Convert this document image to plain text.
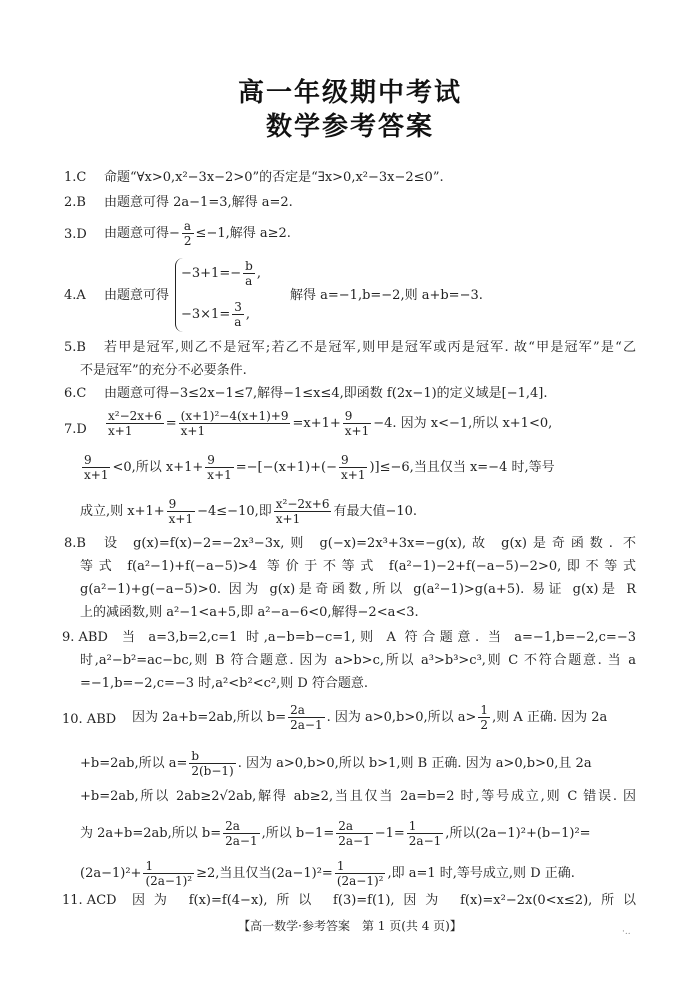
高一年级期中考试
数学参考答案
1.C 命题“∀x>0,x²−3x−2>0”的否定是“∃x>0,x²−3x−2≤0”.
2.B 由题意可得 2a−1=3,解得 a=2.
3.D 由题意可得− $\frac{a}{2} \le-1$,解得 a≥2.
4.A 由题意可得
$-3+1=- \frac{b}{a}$ ,
$-3\times 1= \frac{3}{a}$ ,
解得 a=−1,b=−2,则 a+b=−3.
5.B 若甲是冠军,则乙不是冠军;若乙不是冠军,则甲是冠军或丙是冠军. 故“甲是冠军”是“乙
不是冠军”的充分不必要条件.
6.C 由题意可得−3≤2x−1≤7,解得−1≤x≤4,即函数 f(2x−1)的定义域是[−1,4].
$7.D \frac{\text{x²−2x+6}}{x+1} = \frac{\text{(x+1)²−4(x+1)+9}}{x+1} =x+1+ \frac{9}{x+1} -4$. 因为 x<−1,所以 x+1<0,
$\frac{9}{x+1} <0$,所以 $x+1+ \frac{9}{x+1} =-[-(x+1)+(- \frac{9}{x+1} )]\le-6$,当且仅当 x=−4 时,等号
成立,则 $x+1+ \frac{9}{x+1} -4\le-10$,即 $\frac{\text{x²−2x+6}}{x+1}$ 有最大值−10.
8.B 设 g(x)=f(x)−2=−2x³−3x,则 g(−x)=2x³+3x=−g(x),故 g(x)是奇函数. 不
等式 f(a²−1)+f(−a−5)>4 等价于不等式 f(a²−1)−2+f(−a−5)−2>0,即不等式
g(a²−1)+g(−a−5)>0. 因为 g(x)是奇函数,所以 g(a²−1)>g(a+5). 易证 g(x)是 R
上的减函数,则 a²−1<a+5,即 a²−a−6<0,解得−2<a<3.
9. ABD 当 a=3,b=2,c=1 时,a−b=b−c=1,则 A 符合题意. 当 a=−1,b=−2,c=−3
时,a²−b²=ac−bc,则 B 符合题意. 因为 a>b>c,所以 a³>b³>c³,则 C 不符合题意. 当 a
=−1,b=−2,c=−3 时,a²<b²<c²,则 D 符合题意.
10. ABD 因为 2a+b=2ab,所以 $b= \frac{2a}{2a-1}$ . 因为 a>0,b>0,所以 $a> \frac{1}{2}$ ,则 A 正确. 因为 2a
+b=2ab,所以 $a= \frac{b}{2(b-1)}$ . 因为 a>0,b>0,所以 b>1,则 B 正确. 因为 a>0,b>0,且 2a
+b=2ab,所以 2ab≥2√2ab,解得 ab≥2,当且仅当 2a=b=2 时,等号成立,则 C 错误. 因
为 2a+b=2ab,所以 $b= \frac{2a}{2a-1}$ ,所以 $b-1= \frac{2a}{2a-1} -1= \frac{1}{2a-1}$ ,所以(2a−1)²+(b−1)²=
$(2a-1)^2+ \frac{1}{\text{(2a−1)²}} \ge 2$,当且仅当$(2a-1)^2= \frac{1}{\text{(2a−1)²}}$ ,即 a=1 时,等号成立,则 D 正确.
11. ACD 因为 f(x)=f(4−x),所以 f(3)=f(1),因为 f(x)=x²−2x(0<x≤2),所以
【高一数学·参考答案　第 1 页(共 4 页)】	·..
